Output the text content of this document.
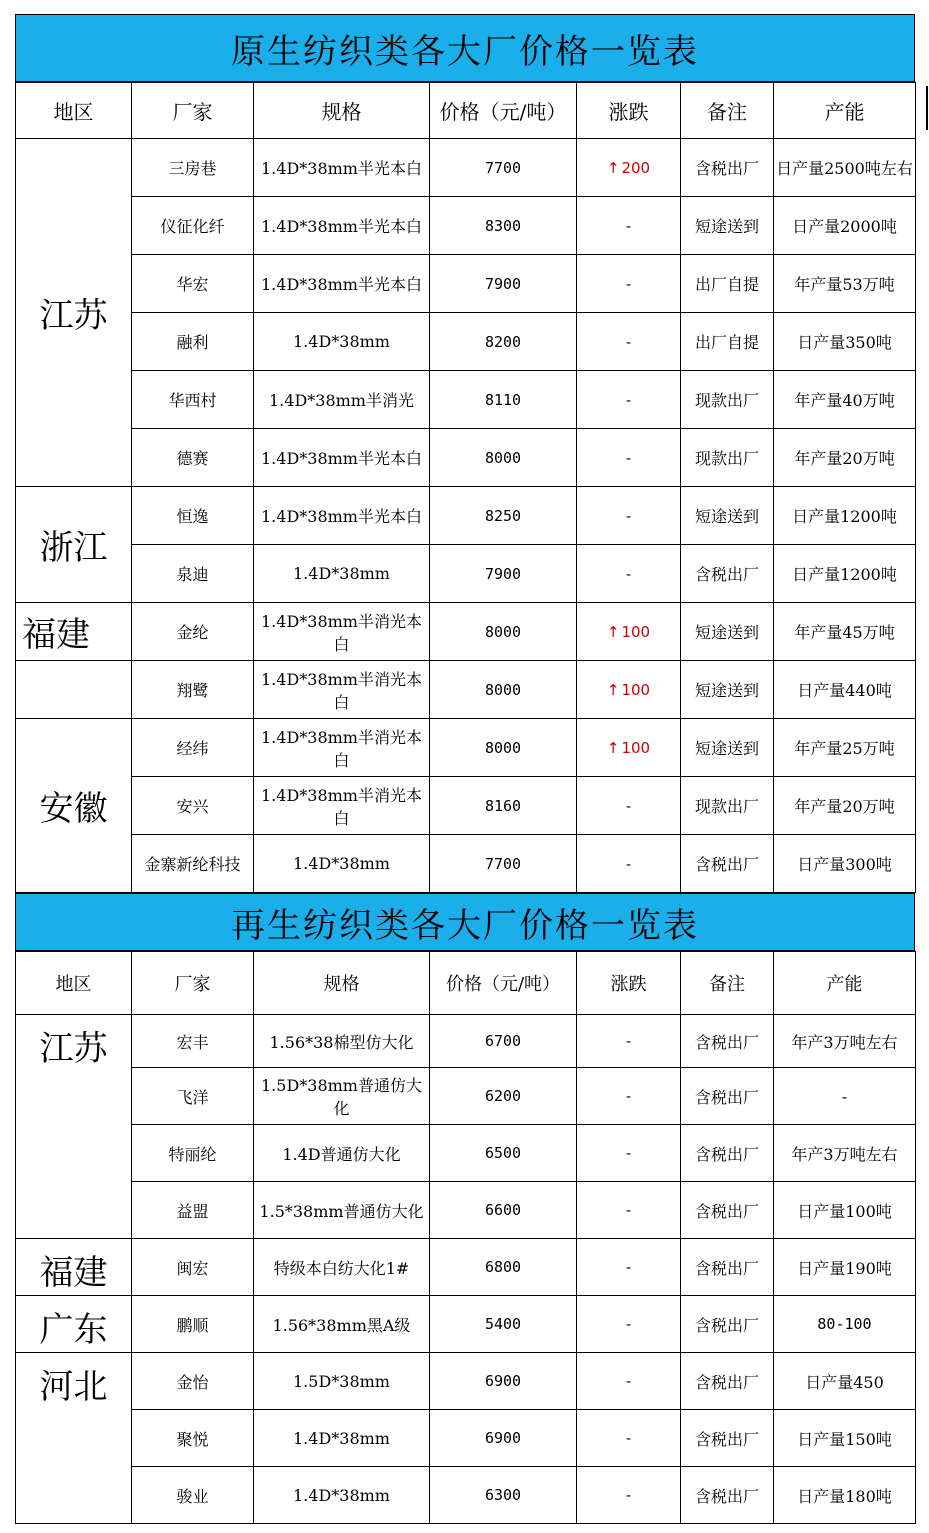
原生纺织类各大厂价格一览表
地区	厂家	规格	价格（元/吨）	涨跌	备注	产能
江苏	三房巷	1.4D*38mm半光本白	7700	↑ 200	含税出厂	日产量2500吨左右
	仪征化纤	1.4D*38mm半光本白	8300	-	短途送到	日产量2000吨
	华宏	1.4D*38mm半光本白	7900	-	出厂自提	年产量53万吨
	融利	1.4D*38mm	8200	-	出厂自提	日产量350吨
	华西村	1.4D*38mm半消光	8110	-	现款出厂	年产量40万吨
	德赛	1.4D*38mm半光本白	8000	-	现款出厂	年产量20万吨
浙江	恒逸	1.4D*38mm半光本白	8250	-	短途送到	日产量1200吨
	泉迪	1.4D*38mm	7900	-	含税出厂	日产量1200吨
福建	金纶	1.4D*38mm半消光本白	8000	↑ 100	短途送到	年产量45万吨
	翔鹭	1.4D*38mm半消光本白	8000	↑ 100	短途送到	日产量440吨
安徽	经纬	1.4D*38mm半消光本白	8000	↑ 100	短途送到	年产量25万吨
	安兴	1.4D*38mm半消光本白	8160	-	现款出厂	年产量20万吨
	金寨新纶科技	1.4D*38mm	7700	-	含税出厂	日产量300吨
再生纺织类各大厂价格一览表
地区	厂家	规格	价格（元/吨）	涨跌	备注	产能
江苏	宏丰	1.56*38棉型仿大化	6700	-	含税出厂	年产3万吨左右
	飞洋	1.5D*38mm普通仿大化	6200	-	含税出厂	-
	特丽纶	1.4D普通仿大化	6500	-	含税出厂	年产3万吨左右
	益盟	1.5*38mm普通仿大化	6600	-	含税出厂	日产量100吨
福建	闽宏	特级本白纺大化1#	6800	-	含税出厂	日产量190吨
广东	鹏顺	1.56*38mm黑A级	5400	-	含税出厂	80-100
河北	金怡	1.5D*38mm	6900	-	含税出厂	日产量450
	聚悦	1.4D*38mm	6900	-	含税出厂	日产量150吨
	骏业	1.4D*38mm	6300	-	含税出厂	日产量180吨
